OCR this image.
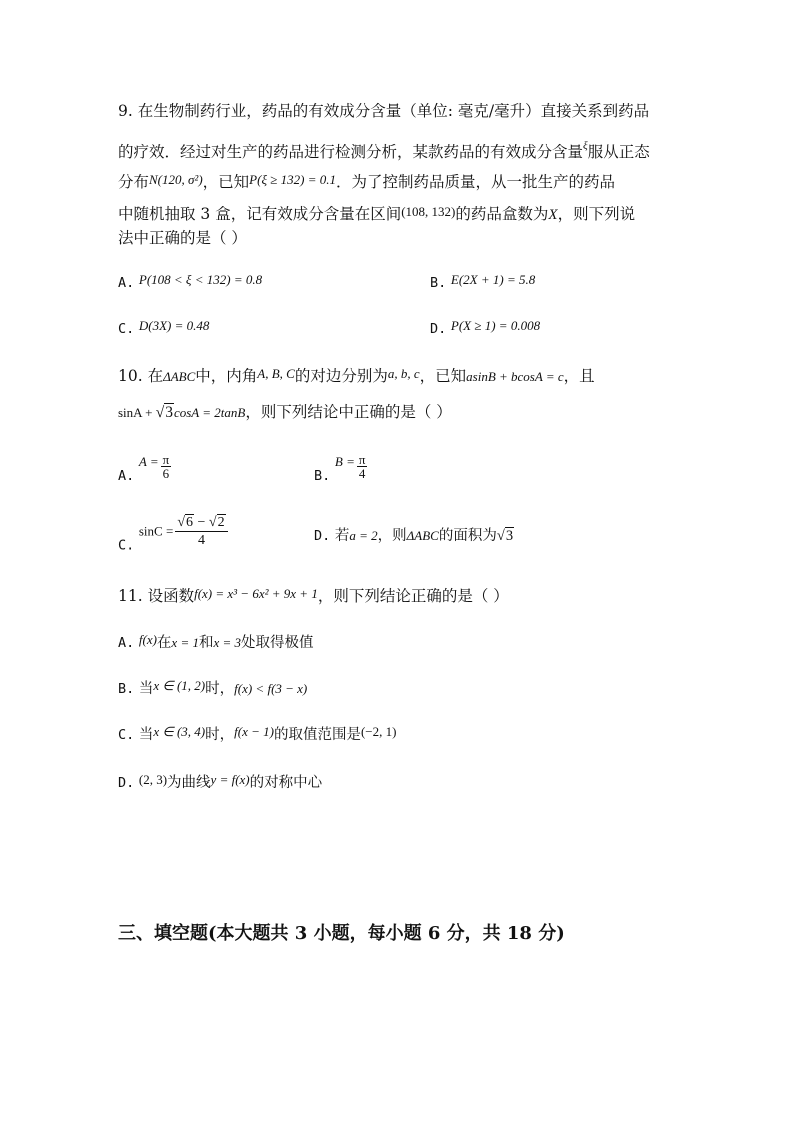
9. 在生物制药行业，药品的有效成分含量（单位: 毫克/毫升）直接关系到药品
的疗效．经过对生产的药品进行检测分析，某款药品的有效成分含量$^\xi$服从正态
分布$^{N(120, \sigma^2)}$，已知$^{P(\xi \ge 132) = 0.1}$．为了控制药品质量，从一批生产的药品
中随机抽取 3 盒，记有效成分含量在区间$^{(108, 132)}$的药品盒数为X，则下列说
法中正确的是（ ）
A. P(108 < ξ < 132) = 0.8	B. E(2X + 1) = 5.8
C. D(3X) = 0.48	D. P(X ≥ 1) = 0.008
10. 在ΔABC中，内角$^{A, B, C}$的对边分别为$^{a, b, c}$，已知asinB + bcosA = c，且
sinA + √3cosA = 2tanB，则下列结论中正确的是（ ）
A. $A = \frac{\pi}{6}$	B. $B = \frac{\pi}{4}$
C. $\sin C = \frac{√6 - √2}{4}$	D. 若a = 2，则ΔABC的面积为√3
11. 设函数$^{f(x) = x^3 - 6x^2 + 9x + 1}$，则下列结论正确的是（ ）
A. f(x)在x = 1和x = 3处取得极值
B. 当x ∈ (1, 2)时，f(x) < f(3 − x)
C. 当x ∈ (3, 4)时，f(x − 1)的取值范围是(−2, 1)
D. (2, 3)为曲线y = f(x)的对称中心
三、填空题(本大题共 3 小题，每小题 6 分，共 18 分)
